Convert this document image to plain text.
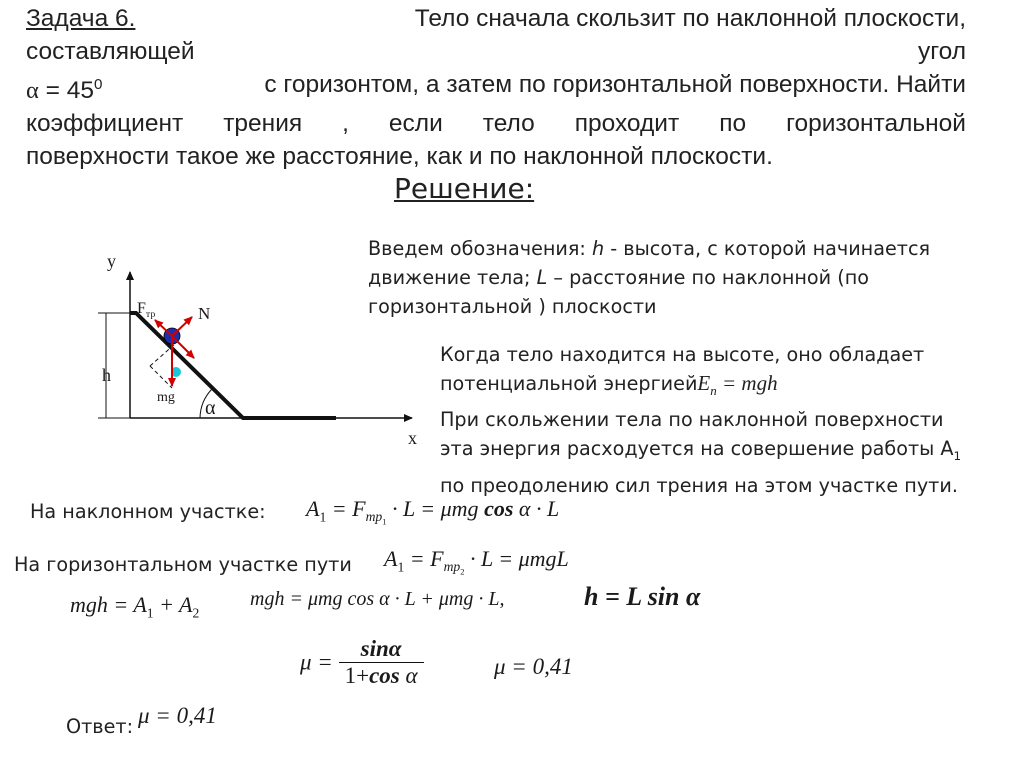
Задача 6.	Тело сначала скользит по наклонной плоскости,
составляющей	угол
$\alpha = 45^0$	с горизонтом, а затем по горизонтальной поверхности. Найти
коэффициент трения , если тело проходит по горизонтальной
поверхности такое же расстояние, как и по наклонной плоскости.
Решение:
y
x
h
α
$F_{тр}$	N
mg
Введем обозначения: h - высота, с которой начинается
движение тела; L – расстояние по наклонной (по
горизонтальной ) плоскости
Когда тело находится на высоте, оно обладает
потенциальной энергиейE$_п$ = mgh
При скольжении тела по наклонной поверхности
эта энергия расходуется на совершение работы $А_1$
по преодолению сил трения на этом участке пути.
На наклонном участке: $A_1 = F_{тр_1} \cdot L = \mu mg$ cos α · L
На горизонтальном участке пути $A_1 = F_{тр_2} \cdot L = \mu mgL$
mgh = $A_1 + A_2$
mgh = μmg cos α · L + μmg · L,	h = L sin α
$\mu = \frac{\sin\alpha}{\text{1+cos α}}$	μ = 0,41
Ответ: μ = 0,41
